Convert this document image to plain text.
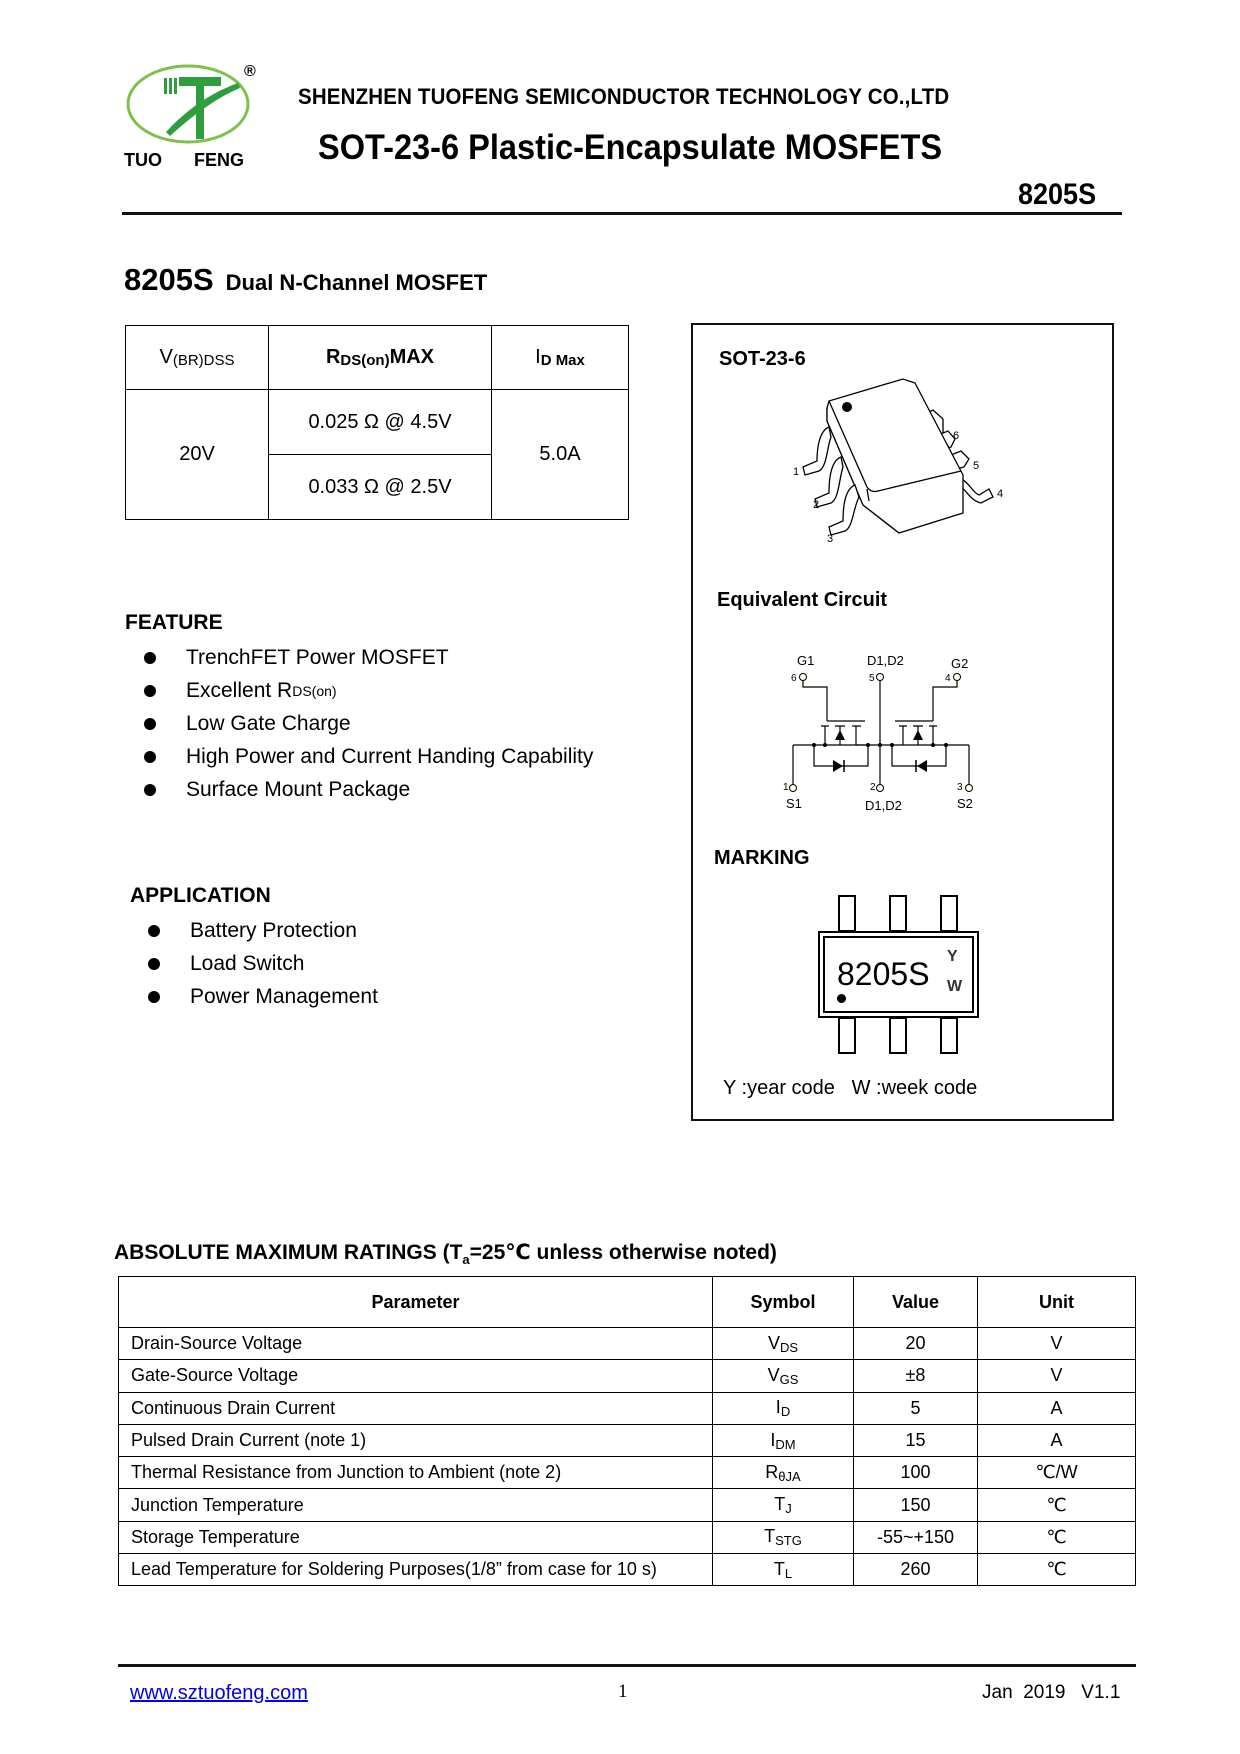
®
TUO FENG
SHENZHEN TUOFENG SEMICONDUCTOR TECHNOLOGY CO.,LTD
SOT-23-6 Plastic-Encapsulate MOSFETS
8205S
8205S Dual N-Channel MOSFET
$V_{(BR)DSS}$	$R_{DS(on)}MAX$	$I_{D Max}$
20V	0.025 Ω @ 4.5V	5.0A
	0.033 Ω @ 2.5V	
FEATURE
TrenchFET Power MOSFET
Excellent R DS(on)
Low Gate Charge
High Power and Current Handing Capability
Surface Mount Package
APPLICATION
Battery Protection
Load Switch
Power Management
SOT-23-6
1
2
3
4
5
6
Equivalent Circuit
G1
6
D1,D2
5
G2
4
1
S1
2
D1,D2
3
S2
MARKING
8205S Y
W
Y :year code   W :week code
ABSOLUTE MAXIMUM RATINGS ($T_a=25℃$ unless otherwise noted)
Parameter	Symbol	Value	Unit
Drain-Source Voltage	VDS	20	V
Gate-Source Voltage	VGS	±8	V
Continuous Drain Current	ID	5	A
Pulsed Drain Current (note 1)	IDM	15	A
Thermal Resistance from Junction to Ambient (note 2)	RθJA	100	℃/W
Junction Temperature	TJ	150	℃
Storage Temperature	TSTG	-55~+150	℃
Lead Temperature for Soldering Purposes(1/8” from case for 10 s)	TL	260	℃
www.sztuofeng.com	1	Jan  2019   V1.1
